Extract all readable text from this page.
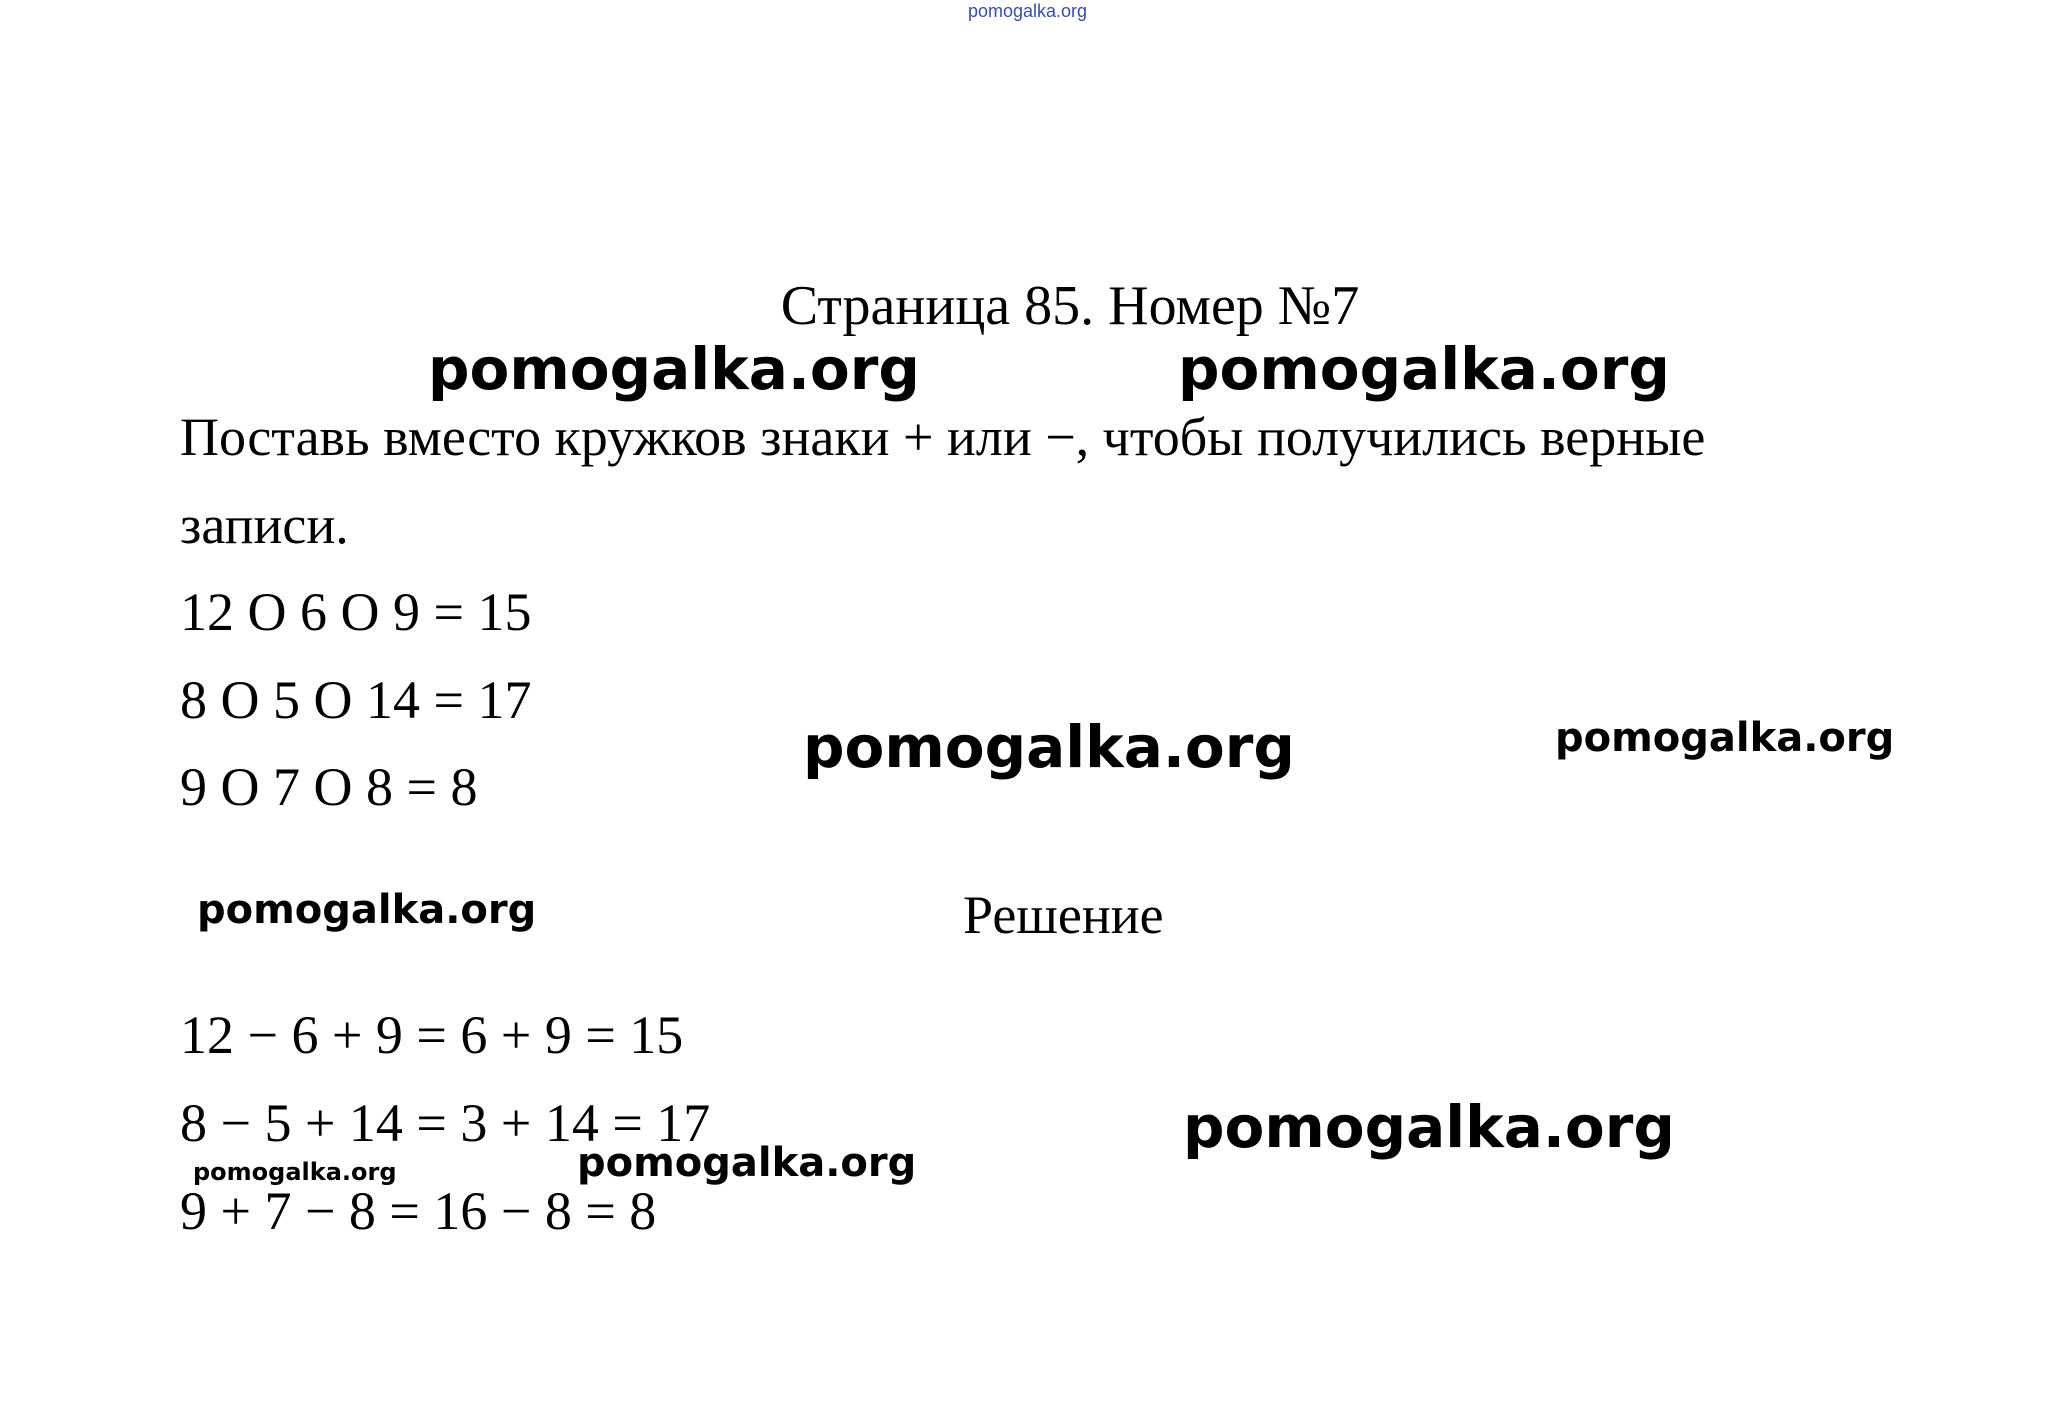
pomogalka.org
Страница 85. Номер №7
pomogalka.org	pomogalka.org
Поставь вместо кружков знаки + или −, чтобы получились верные
записи.
12 O 6 O 9 = 15
8 O 5 O 14 = 17
9 O 7 O 8 = 8
pomogalka.org	pomogalka.org
pomogalka.org	Решение
12 − 6 + 9 = 6 + 9 = 15
8 − 5 + 14 = 3 + 14 = 17
9 + 7 − 8 = 16 − 8 = 8
pomogalka.org
pomogalka.org
pomogalka.org
